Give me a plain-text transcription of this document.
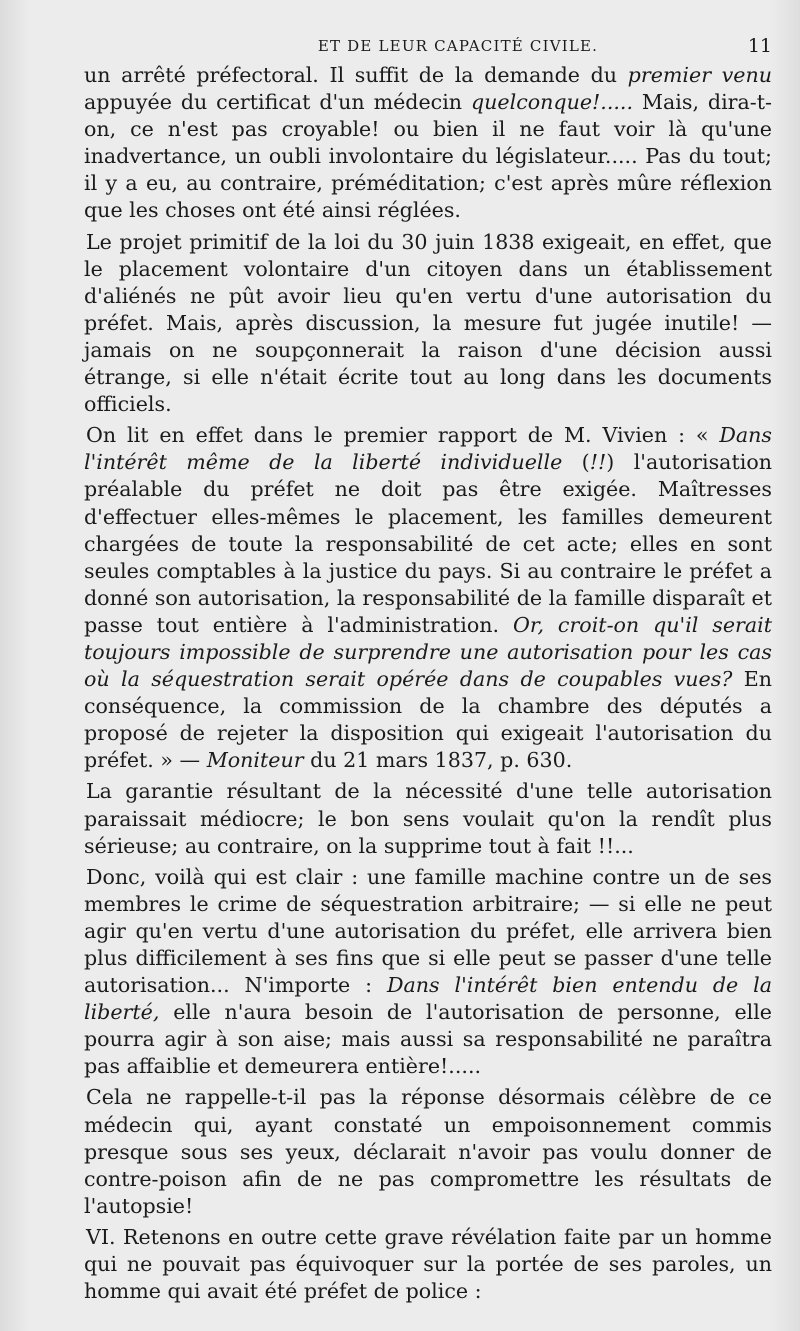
ET DE LEUR CAPACITÉ CIVILE.	11

un arrêté préfectoral. Il suffit de la demande du premier venu appuyée du certificat d'un médecin quelconque!..... Mais, dira-t-on, ce n'est pas croyable! ou bien il ne faut voir là qu'une inadvertance, un oubli involontaire du législateur..... Pas du tout; il y a eu, au contraire, préméditation; c'est après mûre réflexion que les choses ont été ainsi réglées.

Le projet primitif de la loi du 30 juin 1838 exigeait, en effet, que le placement volontaire d'un citoyen dans un établissement d'aliénés ne pût avoir lieu qu'en vertu d'une autorisation du préfet. Mais, après discussion, la mesure fut jugée inutile! — jamais on ne soupçonnerait la raison d'une décision aussi étrange, si elle n'était écrite tout au long dans les documents officiels.

On lit en effet dans le premier rapport de M. Vivien : « Dans l'intérêt même de la liberté individuelle (!!) l'autorisation préalable du préfet ne doit pas être exigée. Maîtresses d'effectuer elles-mêmes le placement, les familles demeurent chargées de toute la responsabilité de cet acte; elles en sont seules comptables à la justice du pays. Si au contraire le préfet a donné son autorisation, la responsabilité de la famille disparaît et passe tout entière à l'administration. Or, croit-on qu'il serait toujours impossible de surprendre une autorisation pour les cas où la séquestration serait opérée dans de coupables vues? En conséquence, la commission de la chambre des députés a proposé de rejeter la disposition qui exigeait l'autorisation du préfet. » — Moniteur du 21 mars 1837, p. 630.

La garantie résultant de la nécessité d'une telle autorisation paraissait médiocre; le bon sens voulait qu'on la rendît plus sérieuse; au contraire, on la supprime tout à fait !!...

Donc, voilà qui est clair : une famille machine contre un de ses membres le crime de séquestration arbitraire; — si elle ne peut agir qu'en vertu d'une autorisation du préfet, elle arrivera bien plus difficilement à ses fins que si elle peut se passer d'une telle autorisation... N'importe : Dans l'intérêt bien entendu de la liberté, elle n'aura besoin de l'autorisation de personne, elle pourra agir à son aise; mais aussi sa responsabilité ne paraîtra pas affaiblie et demeurera entière!.....

Cela ne rappelle-t-il pas la réponse désormais célèbre de ce médecin qui, ayant constaté un empoisonnement commis presque sous ses yeux, déclarait n'avoir pas voulu donner de contre-poison afin de ne pas compromettre les résultats de l'autopsie!

VI. Retenons en outre cette grave révélation faite par un homme qui ne pouvait pas équivoquer sur la portée de ses paroles, un homme qui avait été préfet de police :
